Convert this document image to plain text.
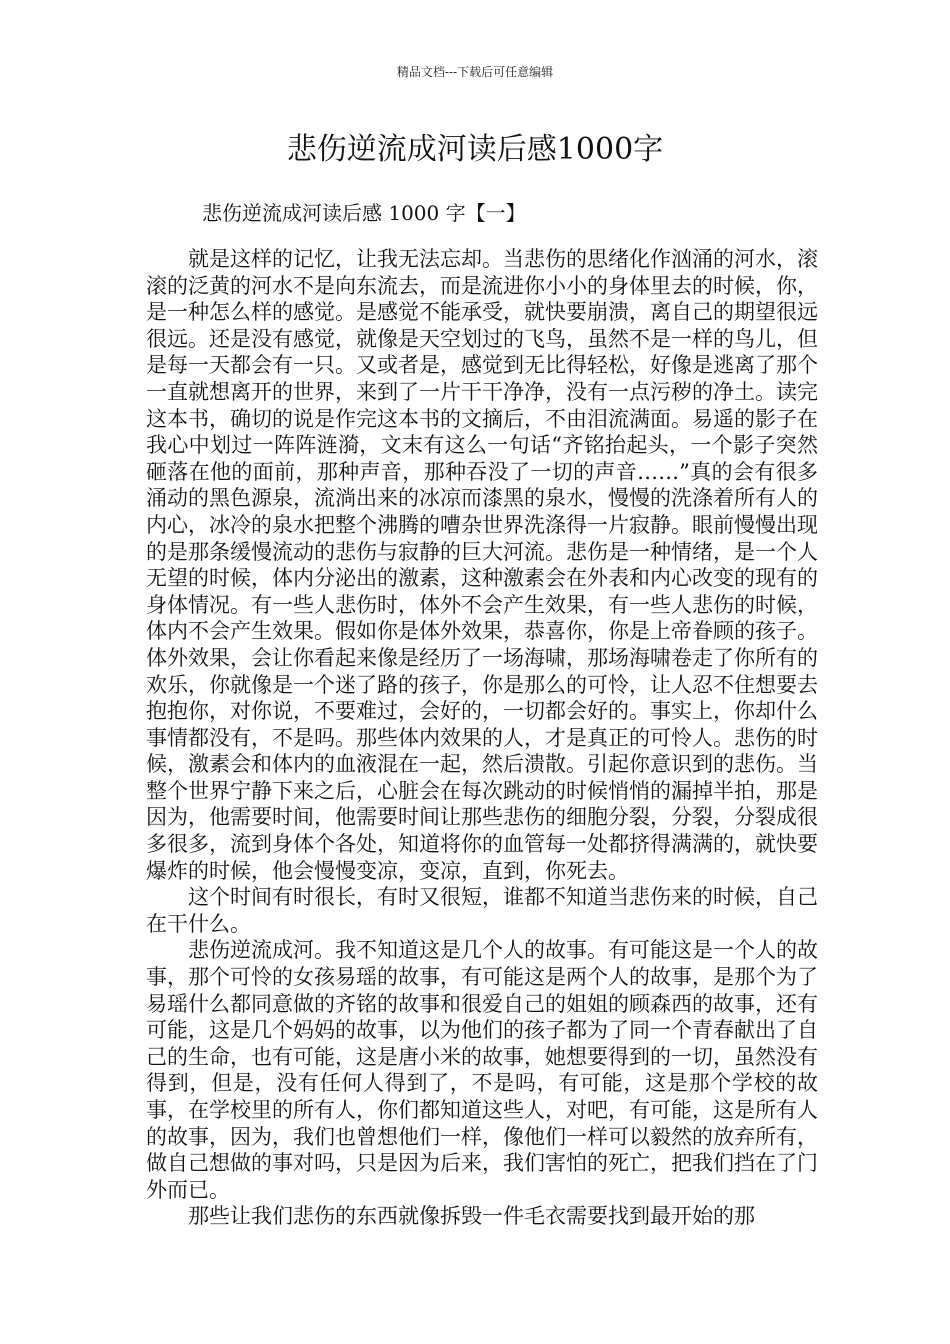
精品文档---下载后可任意编辑
悲伤逆流成河读后感1000字

悲伤逆流成河读后感 1000 字【一】

就是这样的记忆，让我无法忘却。当悲伤的思绪化作汹涌的河水，滚滚的泛黄的河水不是向东流去，而是流进你小小的身体里去的时候，你，是一种怎么样的感觉。是感觉不能承受，就快要崩溃，离自己的期望很远很远。还是没有感觉，就像是天空划过的飞鸟，虽然不是一样的鸟儿，但是每一天都会有一只。又或者是，感觉到无比得轻松，好像是逃离了那个一直就想离开的世界，来到了一片干干净净，没有一点污秽的净土。读完这本书，确切的说是作完这本书的文摘后，不由泪流满面。易遥的影子在我心中划过一阵阵涟漪，文末有这么一句话“齐铭抬起头，一个影子突然砸落在他的面前，那种声音，那种吞没了一切的声音……”真的会有很多涌动的黑色源泉，流淌出来的冰凉而漆黑的泉水，慢慢的洗涤着所有人的内心，冰冷的泉水把整个沸腾的嘈杂世界洗涤得一片寂静。眼前慢慢出现的是那条缓慢流动的悲伤与寂静的巨大河流。悲伤是一种情绪，是一个人无望的时候，体内分泌出的激素，这种激素会在外表和内心改变的现有的身体情况。有一些人悲伤时，体外不会产生效果，有一些人悲伤的时候，体内不会产生效果。假如你是体外效果，恭喜你，你是上帝眷顾的孩子。体外效果，会让你看起来像是经历了一场海啸，那场海啸卷走了你所有的欢乐，你就像是一个迷了路的孩子，你是那么的可怜，让人忍不住想要去抱抱你，对你说，不要难过，会好的，一切都会好的。事实上，你却什么事情都没有，不是吗。那些体内效果的人，才是真正的可怜人。悲伤的时候，激素会和体内的血液混在一起，然后溃散。引起你意识到的悲伤。当整个世界宁静下来之后，心脏会在每次跳动的时候悄悄的漏掉半拍，那是因为，他需要时间，他需要时间让那些悲伤的细胞分裂，分裂，分裂成很多很多，流到身体个各处，知道将你的血管每一处都挤得满满的，就快要爆炸的时候，他会慢慢变凉，变凉，直到，你死去。

这个时间有时很长，有时又很短，谁都不知道当悲伤来的时候，自己在干什么。

悲伤逆流成河。我不知道这是几个人的故事。有可能这是一个人的故事，那个可怜的女孩易瑶的故事，有可能这是两个人的故事，是那个为了易瑶什么都同意做的齐铭的故事和很爱自己的姐姐的顾森西的故事，还有可能，这是几个妈妈的故事，以为他们的孩子都为了同一个青春献出了自己的生命，也有可能，这是唐小米的故事，她想要得到的一切，虽然没有得到，但是，没有任何人得到了，不是吗，有可能，这是那个学校的故事，在学校里的所有人，你们都知道这些人，对吧，有可能，这是所有人的故事，因为，我们也曾想他们一样，像他们一样可以毅然的放弃所有，做自己想做的事对吗，只是因为后来，我们害怕的死亡，把我们挡在了门外而已。

那些让我们悲伤的东西就像拆毁一件毛衣需要找到最开始的那
